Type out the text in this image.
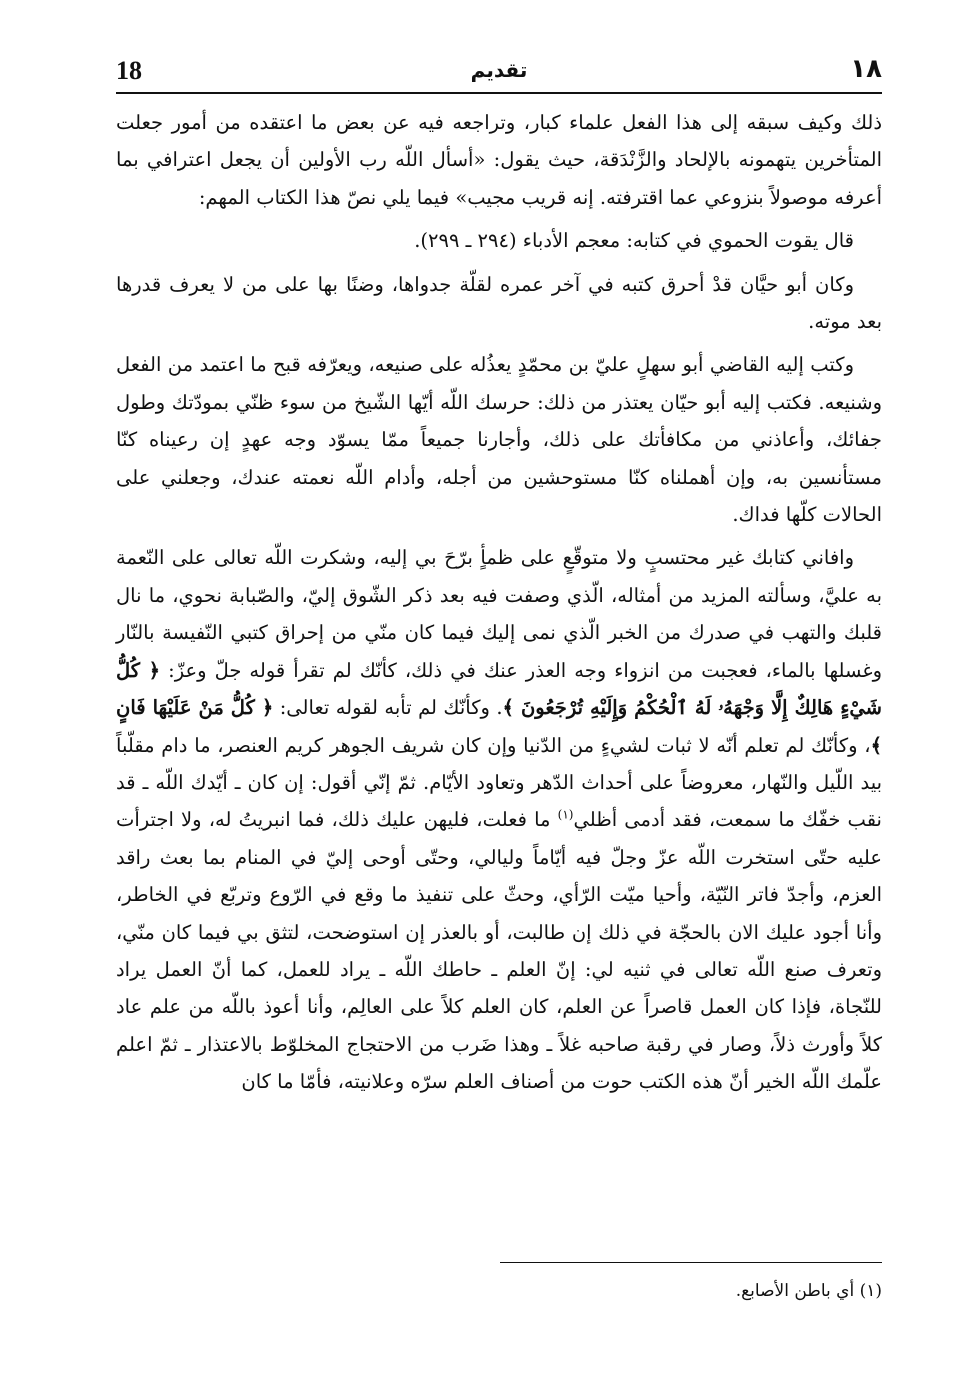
18	تقديم	١٨

ذلك وكيف سبقه إلى هذا الفعل علماء كبار، وتراجعه فيه عن بعض ما اعتقده من أمور جعلت المتأخرين يتهمونه بالإلحاد والزَّنْدَقة، حيث يقول: «أسأل اللّه رب الأولين أن يجعل اعترافي بما أعرفه موصولاً بنزوعي عما اقترفته. إنه قريب مجيب» فيما يلي نصّ هذا الكتاب المهم:

قال يقوت الحموي في كتابه: معجم الأدباء (٢٩٤ ـ ٢٩٩).

وكان أبو حيَّان قدْ أحرق كتبه في آخر عمره لقلّة جدواها، وضنًا بها على من لا يعرف قدرها بعد موته.

وكتب إليه القاضي أبو سهلٍ عليّ بن محمّدٍ يعذُله على صنيعه، ويعرّفه قبح ما اعتمد من الفعل وشنيعه. فكتب إليه أبو حيّان يعتذر من ذلك: حرسك اللّه أيّها الشّيخ من سوء ظنّي بمودّتك وطول جفائك، وأعاذني من مكافأتك على ذلك، وأجارنا جميعاً ممّا يسوّد وجه عهدٍ إن رعيناه كنّا مستأنسين به، وإن أهملناه كنّا مستوحشين من أجله، وأدام اللّه نعمته عندك، وجعلني على الحالات كلّها فداك.

وافاني كتابك غير محتسبٍ ولا متوقّعٍ على ظمأٍ برّحَ بي إليه، وشكرت اللّه تعالى على النّعمة به عليَّ، وسألته المزيد من أمثاله، الّذي وصفت فيه بعد ذكر الشّوق إليّ، والصّبابة نحوي، ما نال قلبك والتهب في صدرك من الخبر الّذي نمى إليك فيما كان منّي من إحراق كتبي النّفيسة بالنّار وغسلها بالماء، فعجبت من انزواء وجه العذر عنك في ذلك، كأنّك لم تقرأ قوله جلّ وعزّ: ﴿ كُلُّ شَيْءٍ هَالِكٌ إِلَّا وَجْهَهُۥ لَهُ ٱلْحُكْمُ وَإِلَيْهِ تُرْجَعُونَ ﴾. وكأنّك لم تأبه لقوله تعالى: ﴿ كُلُّ مَنْ عَلَيْهَا فَانٍ ﴾، وكأنّك لم تعلم أنّه لا ثبات لشيءٍ من الدّنيا وإن كان شريف الجوهر كريم العنصر، ما دام مقلّباً بيد اللّيل والنّهار، معروضاً على أحداث الدّهر وتعاود الأيّام. ثمّ إنّي أقول: إن كان ـ أيّدك اللّه ـ قد نقب خفّك ما سمعت، فقد أدمى أظلي$^{(١)}$ ما فعلت، فليهن عليك ذلك، فما انبريتُ له، ولا اجترأت عليه حتّى استخرت اللّه عزّ وجلّ فيه أيّاماً وليالي، وحتّى أوحى إليّ في المنام بما بعث راقد العزم، وأجدّ فاتر النّيّة، وأحيا ميّت الرّأي، وحثّ على تنفيذ ما وقع في الرّوع وتربّع في الخاطر، وأنا أجود عليك الان بالحجّة في ذلك إن طالبت، أو بالعذر إن استوضحت، لتثق بي فيما كان منّي، وتعرف صنع اللّه تعالى في ثنيه لي: إنّ العلم ـ حاطك اللّه ـ يراد للعمل، كما أنّ العمل يراد للنّجاة، فإذا كان العمل قاصراً عن العلم، كان العلم كلاً على العالِم، وأنا أعوذ باللّه من علم عاد كلاً وأورث ذلاً، وصار في رقبة صاحبه غلاً ـ وهذا ضَرب من الاحتجاج المخلوّط بالاعتذار ـ ثمّ اعلم علّمك اللّه الخير أنّ هذه الكتب حوت من أصناف العلم سرّه وعلانيته، فأمّا ما كان

(١) أي باطن الأصابع.
